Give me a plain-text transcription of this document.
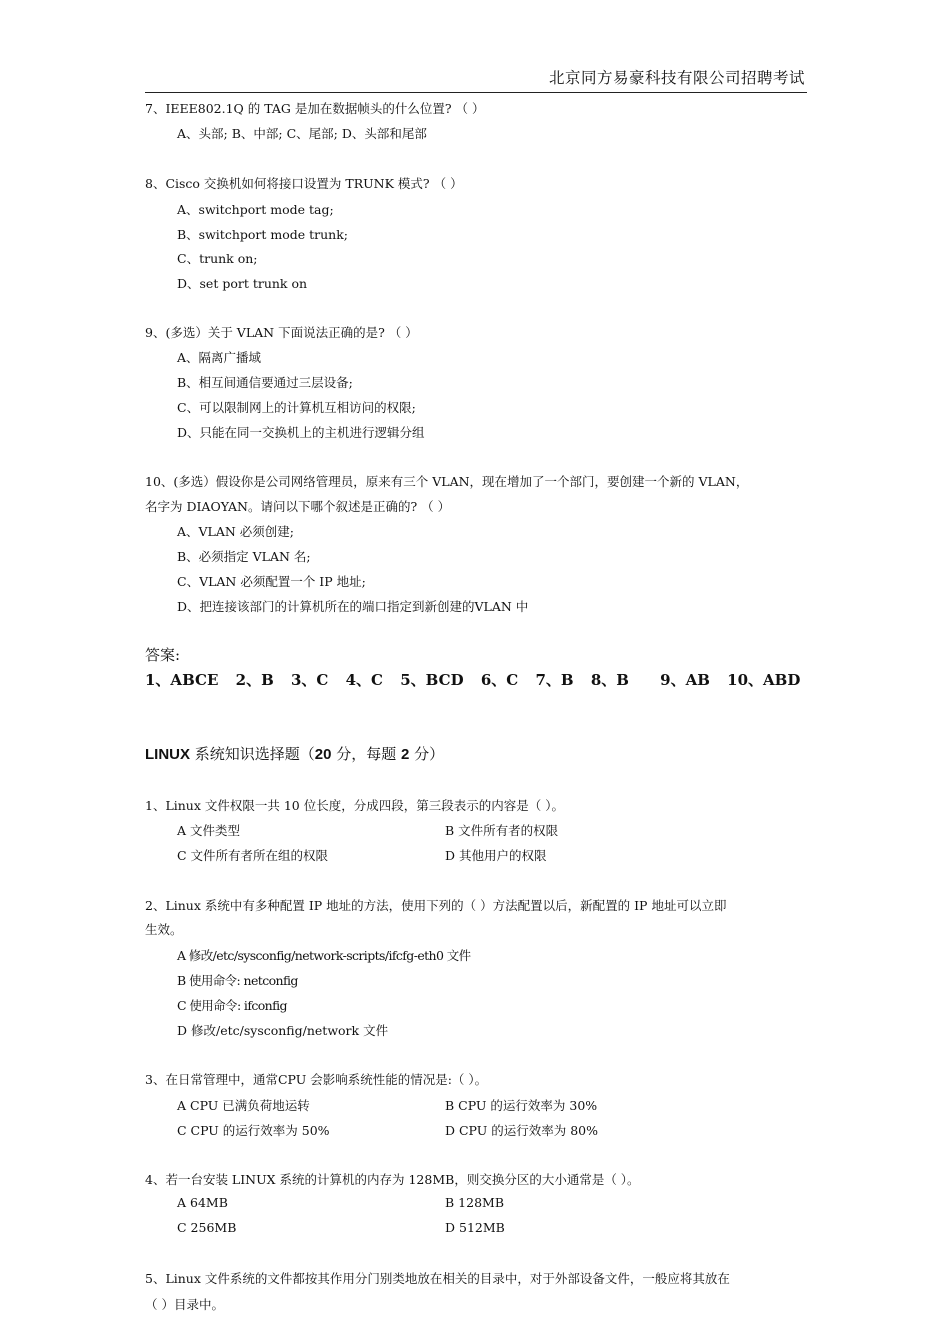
北京同方易豪科技有限公司招聘考试
7、IEEE802.1Q 的 TAG 是加在数据帧头的什么位置? （ ）
A、头部; B、中部; C、尾部; D、头部和尾部
8、Cisco 交换机如何将接口设置为 TRUNK 模式? （ ）
A、switchport mode tag;
B、switchport mode trunk;
C、trunk on;
D、set port trunk on
9、(多选）关于 VLAN 下面说法正确的是? （ ）
A、隔离广播域
B、相互间通信要通过三层设备;
C、可以限制网上的计算机互相访问的权限;
D、只能在同一交换机上的主机进行逻辑分组
10、(多选）假设你是公司网络管理员，原来有三个 VLAN，现在增加了一个部门，要创建一个新的 VLAN，
名字为 DIAOYAN。请问以下哪个叙述是正确的? （ ）
A、VLAN 必须创建;
B、必须指定 VLAN 名;
C、VLAN 必须配置一个 IP 地址;
D、把连接该部门的计算机所在的端口指定到新创建的VLAN 中
答案:
1、ABCE 2、B 3、C 4、C 5、BCD 6、C 7、B 8、B 9、AB 10、ABD
LINUX 系统知识选择题（20 分，每题 2 分）
1、Linux 文件权限一共 10 位长度，分成四段，第三段表示的内容是（ ）。
A 文件类型	B 文件所有者的权限
C 文件所有者所在组的权限	D 其他用户的权限
2、Linux 系统中有多种配置 IP 地址的方法，使用下列的（ ）方法配置以后，新配置的 IP 地址可以立即
生效。
A 修改/etc/sysconfig/network-scripts/ifcfg-eth0 文件
B 使用命令: netconfig
C 使用命令: ifconfig
D 修改/etc/sysconfig/network 文件
3、在日常管理中，通常CPU 会影响系统性能的情况是:（ ）。
A CPU 已满负荷地运转	B CPU 的运行效率为 30%
C CPU 的运行效率为 50%	D CPU 的运行效率为 80%
4、若一台安装 LINUX 系统的计算机的内存为 128MB，则交换分区的大小通常是（ ）。
A 64MB	B 128MB
C 256MB	D 512MB
5、Linux 文件系统的文件都按其作用分门别类地放在相关的目录中，对于外部设备文件，一般应将其放在
（ ）目录中。
